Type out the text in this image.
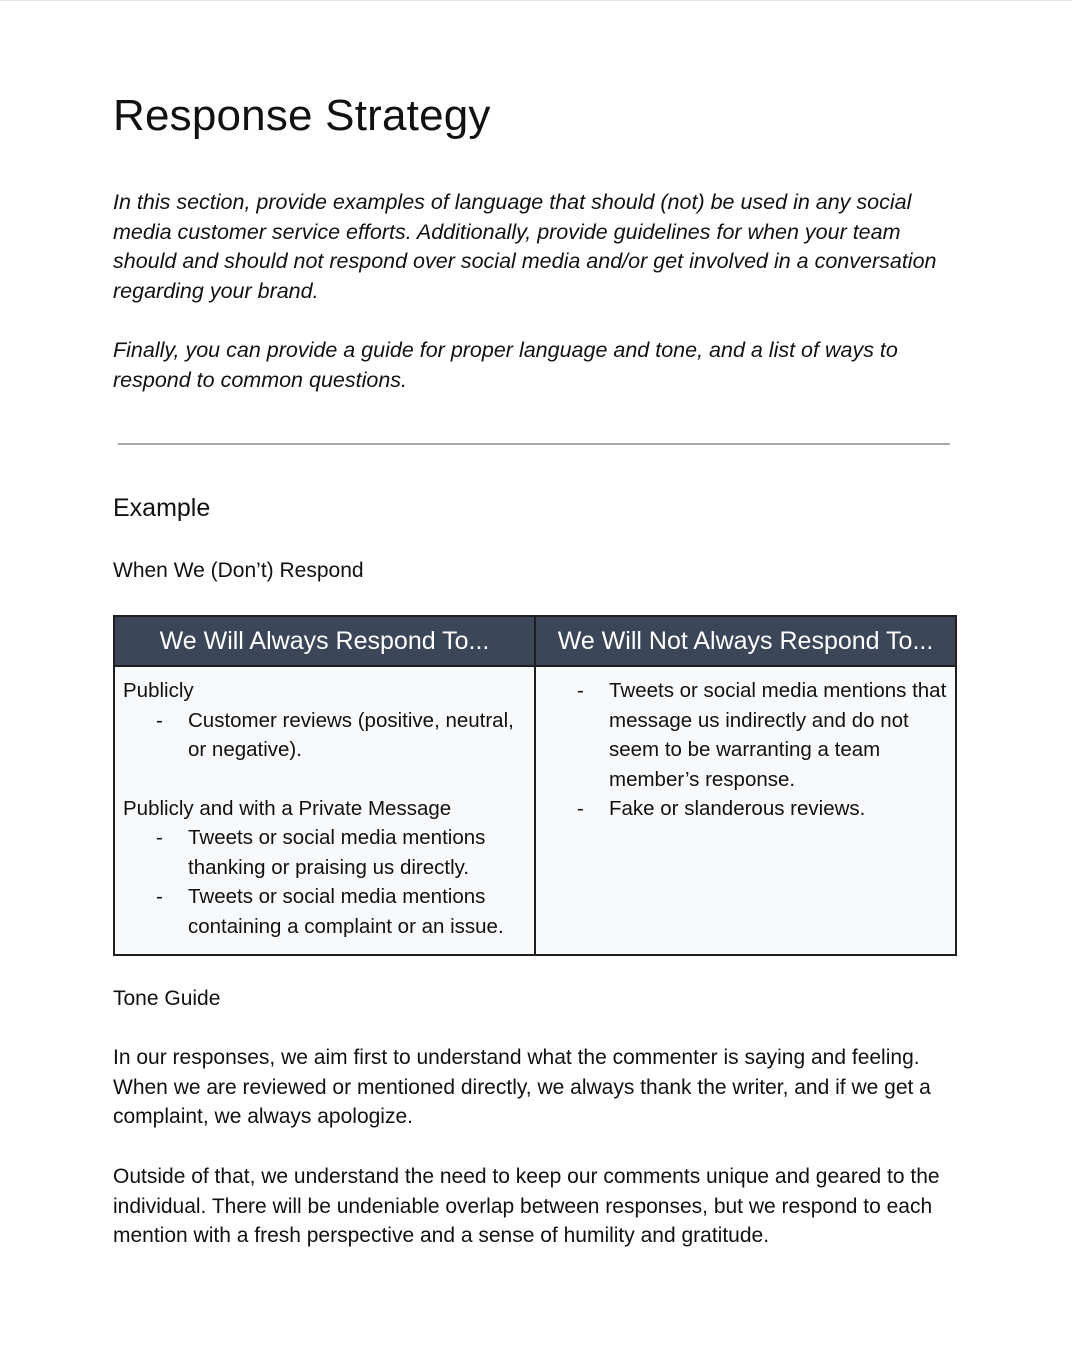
Response Strategy

In this section, provide examples of language that should (not) be used in any social media customer service efforts. Additionally, provide guidelines for when your team should and should not respond over social media and/or get involved in a conversation regarding your brand.

Finally, you can provide a guide for proper language and tone, and a list of ways to respond to common questions.

Example
When We (Don’t) Respond
We Will Always Respond To...	We Will Not Always Respond To...

Publicly

- Customer reviews (positive, neutral, or negative).

Publicly and with a Private Message

- Tweets or social media mentions thanking or praising us directly.
- Tweets or social media mentions containing a complaint or an issue.
- Tweets or social media mentions that message us indirectly and do not seem to be warranting a team member’s response.
- Fake or slanderous reviews.
Tone Guide

In our responses, we aim first to understand what the commenter is saying and feeling. When we are reviewed or mentioned directly, we always thank the writer, and if we get a complaint, we always apologize.

Outside of that, we understand the need to keep our comments unique and geared to the individual. There will be undeniable overlap between responses, but we respond to each mention with a fresh perspective and a sense of humility and gratitude.
